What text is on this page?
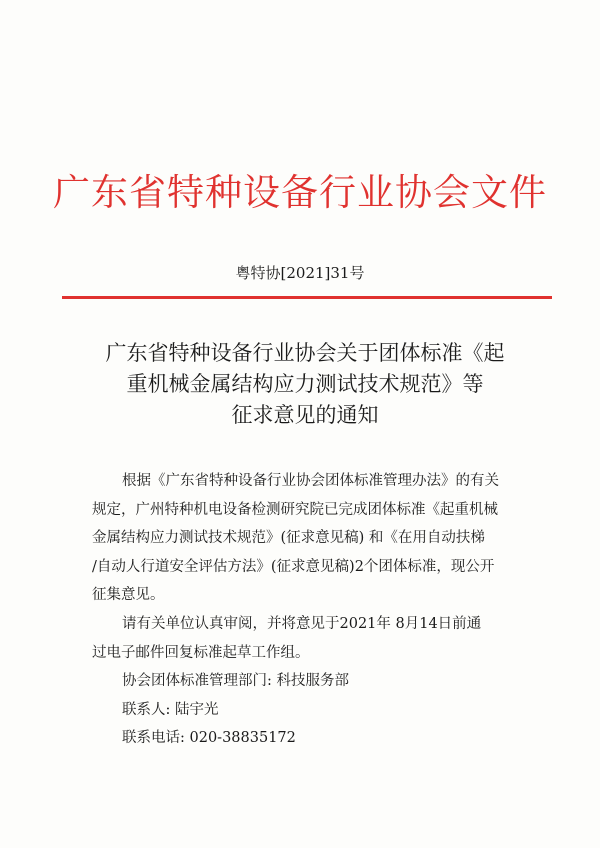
广东省特种设备行业协会文件
粤特协[2021]31号
广东省特种设备行业协会关于团体标准《起
重机械金属结构应力测试技术规范》等
征求意见的通知
根据《广东省特种设备行业协会团体标准管理办法》的有关
规定，广州特种机电设备检测研究院已完成团体标准《起重机械
金属结构应力测试技术规范》(征求意见稿) 和《在用自动扶梯
/自动人行道安全评估方法》(征求意见稿)2个团体标准，现公开
征集意见。
请有关单位认真审阅，并将意见于2021年 8月14日前通
过电子邮件回复标准起草工作组。
协会团体标准管理部门: 科技服务部
联系人: 陆宇光
联系电话: 020-38835172
